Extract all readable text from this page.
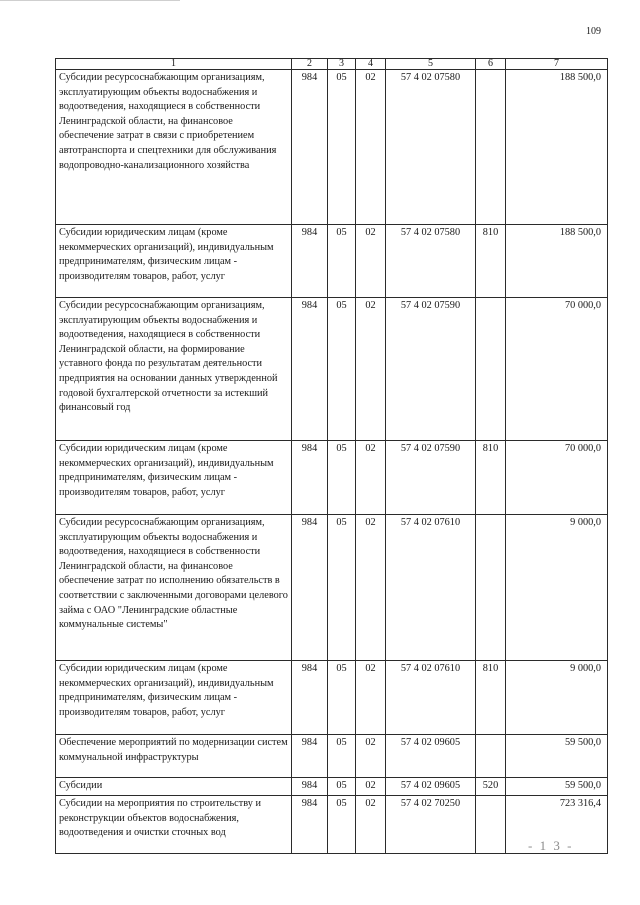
109
1	2	3	4	5	6	7
Субсидии ресурсоснабжающим организациям, эксплуатирующим объекты водоснабжения и водоотведения, находящиеся в собственности Ленинградской области, на финансовое обеспечение затрат в связи с приобретением автотранспорта и спецтехники для обслуживания водопроводно-канализационного хозяйства	984	05	02	57 4 02 07580		188 500,0
Субсидии юридическим лицам (кроме некоммерческих организаций), индивидуальным предпринимателям, физическим лицам - производителям товаров, работ, услуг	984	05	02	57 4 02 07580	810	188 500,0
Субсидии ресурсоснабжающим организациям, эксплуатирующим объекты водоснабжения и водоотведения, находящиеся в собственности Ленинградской области, на формирование уставного фонда по результатам деятельности предприятия на основании данных утвержденной годовой бухгалтерской отчетности за истекший финансовый год	984	05	02	57 4 02 07590		70 000,0
Субсидии юридическим лицам (кроме некоммерческих организаций), индивидуальным предпринимателям, физическим лицам - производителям товаров, работ, услуг	984	05	02	57 4 02 07590	810	70 000,0
Субсидии ресурсоснабжающим организациям, эксплуатирующим объекты водоснабжения и водоотведения, находящиеся в собственности Ленинградской области, на финансовое обеспечение затрат по исполнению обязательств в соответствии с заключенными договорами целевого займа с ОАО "Ленинградские областные коммунальные системы"	984	05	02	57 4 02 07610		9 000,0
Субсидии юридическим лицам (кроме некоммерческих организаций), индивидуальным предпринимателям, физическим лицам - производителям товаров, работ, услуг	984	05	02	57 4 02 07610	810	9 000,0
Обеспечение мероприятий по модернизации систем коммунальной инфраструктуры	984	05	02	57 4 02 09605		59 500,0
Субсидии	984	05	02	57 4 02 09605	520	59 500,0
Субсидии на мероприятия по строительству и реконструкции объектов водоснабжения, водоотведения и очистки сточных вод	984	05	02	57 4 02 70250		723 316,4
- 1 3 -
